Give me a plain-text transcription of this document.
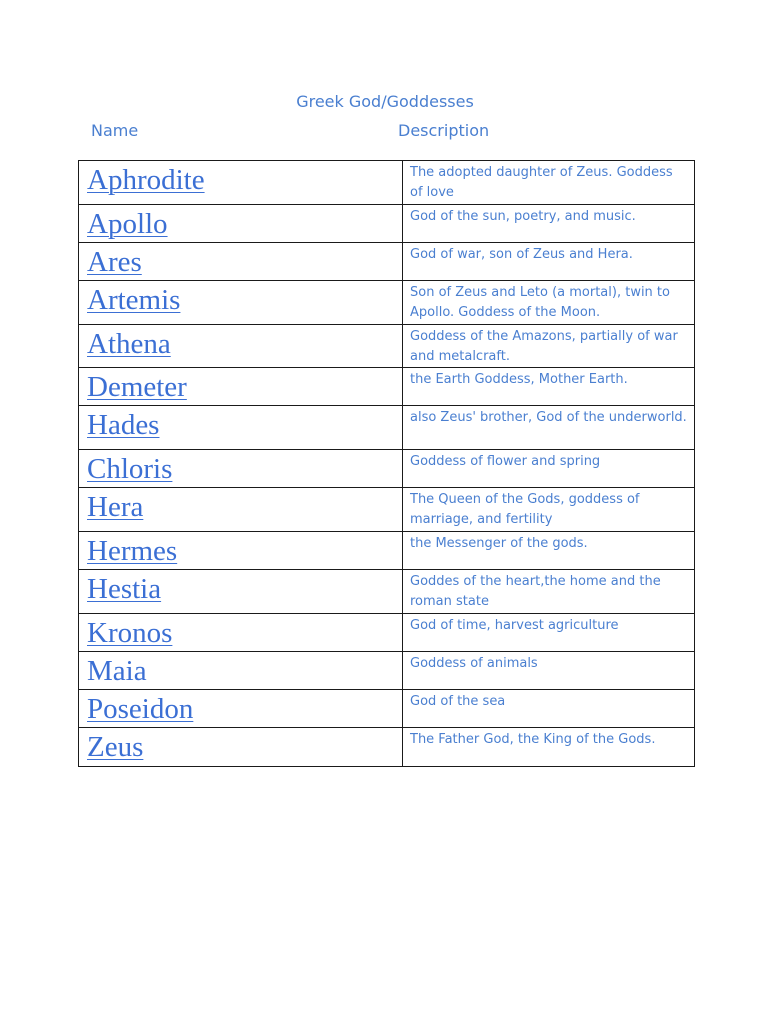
Greek God/Goddesses
Name	Description
Aphrodite	The adopted daughter of Zeus. Goddess of love

Apollo	God of the sun, poetry, and music.

Ares	God of war, son of Zeus and Hera.

Artemis	Son of Zeus and Leto (a mortal), twin to Apollo. Goddess of the Moon.

Athena	Goddess of the Amazons, partially of war and metalcraft.

Demeter	the Earth Goddess, Mother Earth.

Hades	also Zeus' brother, God of the underworld.

Chloris	Goddess of flower and spring

Hera	The Queen of the Gods, goddess of marriage, and fertility

Hermes	the Messenger of the gods.

Hestia	Goddes of the heart,the home and the roman state

Kronos	God of time, harvest agriculture

Maia	Goddess of animals

Poseidon	God of the sea

Zeus	The Father God, the King of the Gods.
